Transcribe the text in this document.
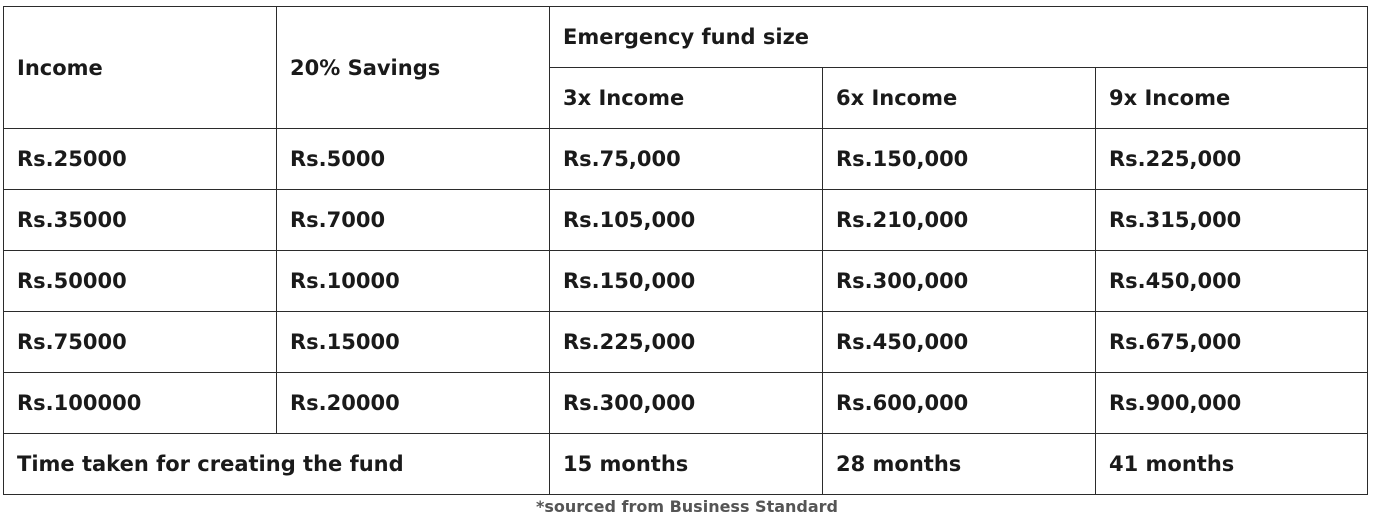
Income	20% Savings	Emergency fund size		
		3x Income	6x Income	9x Income
Rs.25000	Rs.5000	Rs.75,000	Rs.150,000	Rs.225,000
Rs.35000	Rs.7000	Rs.105,000	Rs.210,000	Rs.315,000
Rs.50000	Rs.10000	Rs.150,000	Rs.300,000	Rs.450,000
Rs.75000	Rs.15000	Rs.225,000	Rs.450,000	Rs.675,000
Rs.100000	Rs.20000	Rs.300,000	Rs.600,000	Rs.900,000
Time taken for creating the fund		15 months	28 months	41 months
*sourced from Business Standard
